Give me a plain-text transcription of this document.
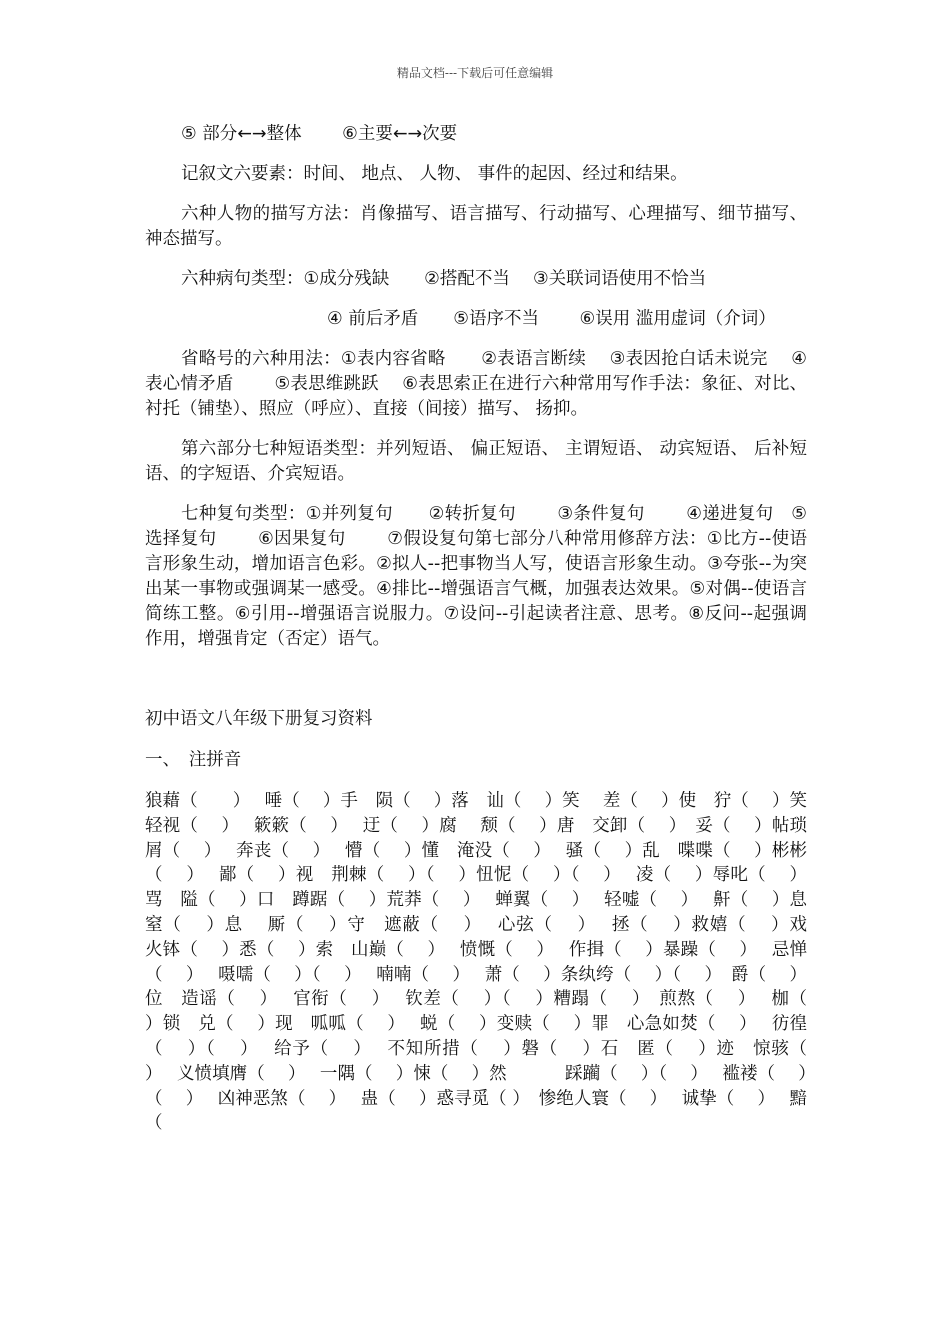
精品文档---下载后可任意编辑

⑤ 部分←→整体　　 ⑥主要←→次要

记叙文六要素：时间、 地点、 人物、 事件的起因、经过和结果。

六种人物的描写方法：肖像描写、语言描写、行动描写、心理描写、细节描写、神态描写。

六种病句类型：①成分残缺　　②搭配不当　 ③关联词语使用不恰当

④ 前后矛盾　　⑤语序不当　　 ⑥误用 滥用虚词（介词）

省略号的六种用法：①表内容省略　　②表语言断续　 ③表因抢白话未说完　 ④表心情矛盾　　 ⑤表思维跳跃　 ⑥表思索正在进行六种常用写作手法：象征、对比、衬托（铺垫）、照应（呼应）、直接（间接）描写、 扬抑。

第六部分七种短语类型：并列短语、 偏正短语、 主谓短语、 动宾短语、 后补短语、的字短语、介宾短语。

七种复句类型：①并列复句　　②转折复句　　 ③条件复句　　 ④递进复句　⑤选择复句　　 ⑥因果复句　　 ⑦假设复句第七部分八种常用修辞方法：①比方--使语言形象生动，增加语言色彩。②拟人--把事物当人写，使语言形象生动。③夸张--为突出某一事物或强调某一感受。④排比--增强语言气概，加强表达效果。⑤对偶--使语言简练工整。⑥引用--增强语言说服力。⑦设问--引起读者注意、思考。⑧反问--起强调作用，增强肯定（否定）语气。

初中语文八年级下册复习资料
一、　注拼音

狼藉（　　）　 唾（　 ）手　陨（　 ）落　讪（　 ）笑　 差（　 ）使　狞（　 ）笑轻视（　 ）　 簌簌（　 ）　 迂（　 ）腐　 颓（　 ）唐　交卸（　 ）　妥（　 ）帖琐屑（　 ）　 奔丧（　 ）　 懵（　 ）懂　淹没（　 ）　 骚（　 ）乱　喋喋（　 ）彬彬（　 ）　 鄙（　 ）视　荆棘（　 ）（　 ）忸怩（　 ）（　 ）　 凌（　 ）辱叱（　 ）骂　隘（　 ）口　蹲踞（　 ）荒莽（　 ）　 蝉翼（　 ）　 轻嘘（　 ）　 鼾（　 ）息　窒（　 ）息　 厮（　 ）守　遮蔽（　 ）　 心弦（　 ）　 拯（　 ）救嬉（　 ）戏　火钵（　 ）悉（　 ）索　山巅（　 ）　 愤慨（　 ）　 作揖（　 ）暴躁（　 ）　 忌惮（　 ）　 嗫嚅（　 ）（　 ）　 喃喃（　 ）　 萧（　 ）条纨绔（　 ）（　 ）　爵（　 ）位　造谣（　 ）　 官衔（　 ）　 钦差（　 ）（　 ）糟蹋（　 ）　煎熬（　 ）　 枷（　 ）锁　兑（　 ）现　呱呱（　 ）　 蜕（　 ）变赎（　 ）罪　心急如焚（　 ）　 彷徨（　 ）（　 ）　 给予（　 ）　 不知所措（　 ）磐（　 ）石　匿（　 ）迹　惊骇（　 ）　 义愤填膺（　 ）　 一隅（　 ）悚（　 ）然　　　 踩躏（　 ）（　 ）　 褴褛（　 ）（　 ）　 凶神恶煞（　 ）　 蛊（　 ）惑寻觅（ ）　惨绝人寰（　 ）　 诚挚（　 ）　 黯（
